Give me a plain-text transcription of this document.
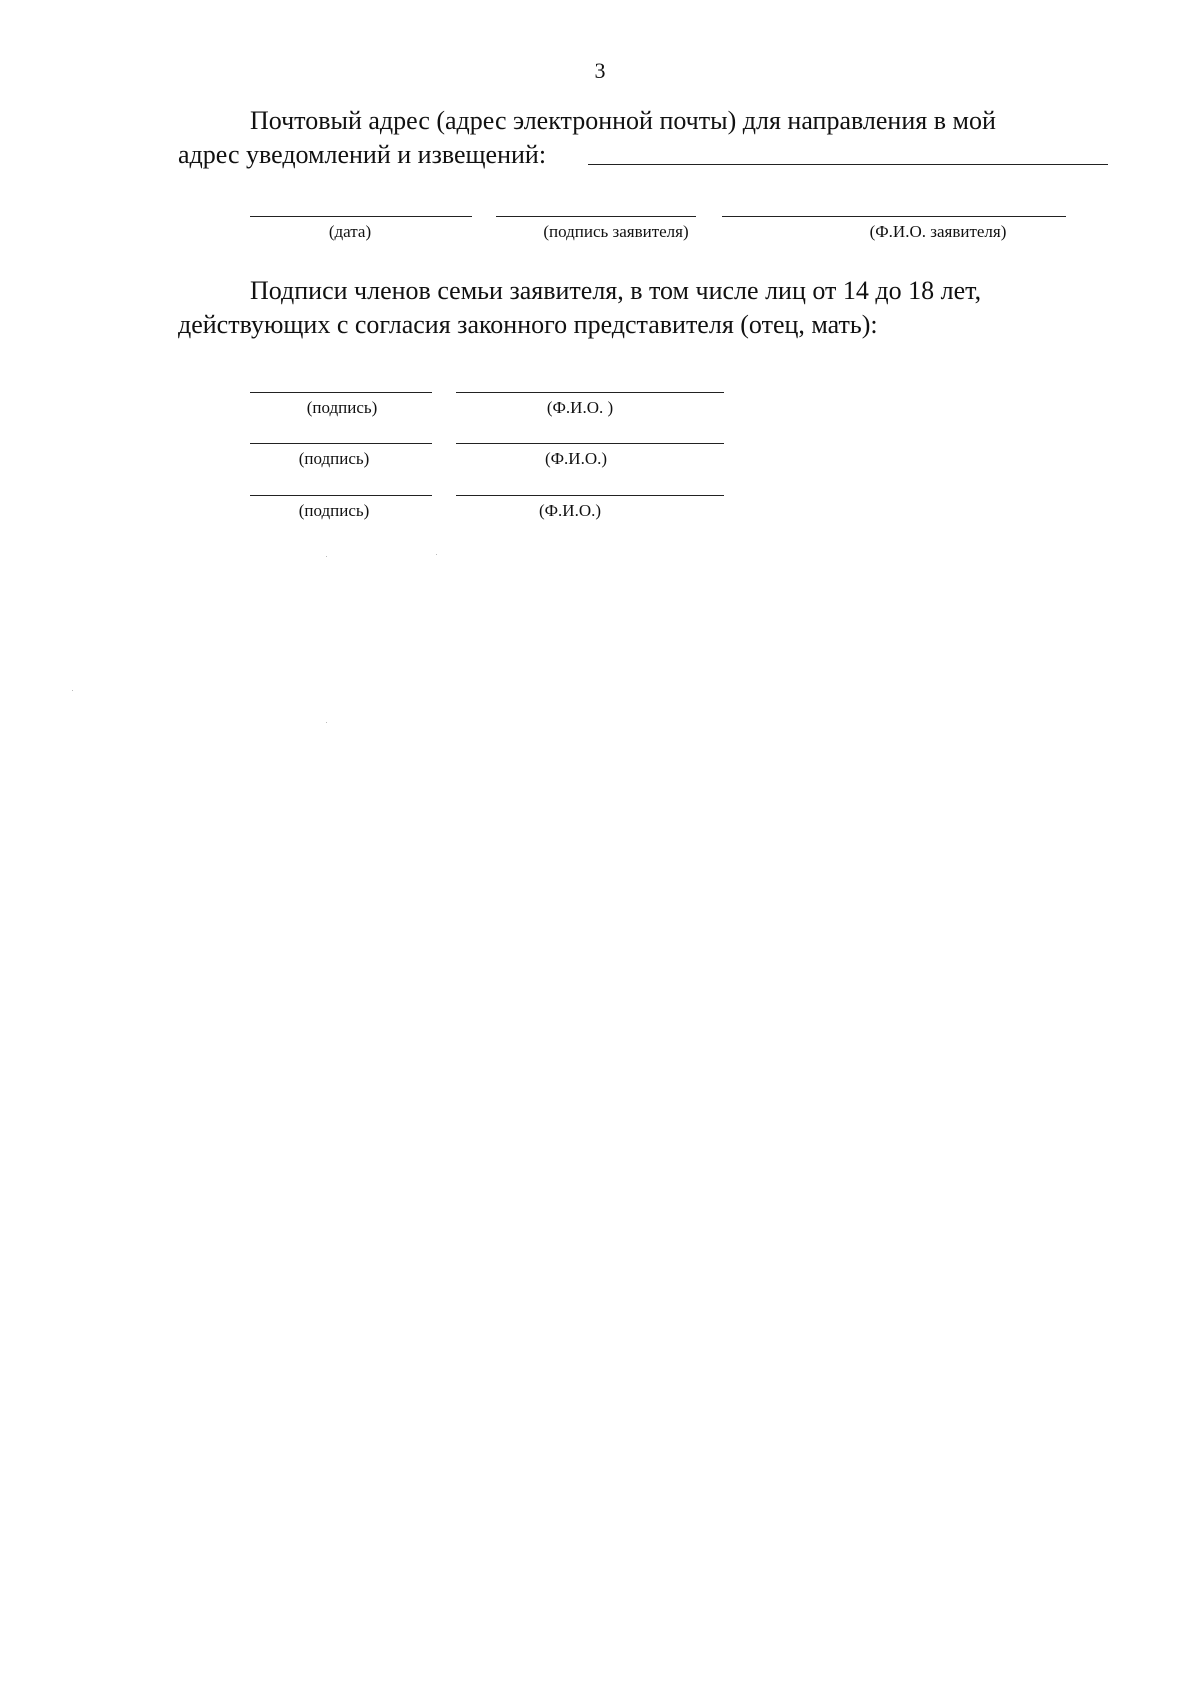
3
Почтовый адрес (адрес электронной почты) для направления в мой
адрес уведомлений и извещений:
(дата)	(подпись заявителя)	(Ф.И.О. заявителя)
Подписи членов семьи заявителя, в том числе лиц от 14 до 18 лет,
действующих с согласия законного представителя (отец, мать):
(подпись)	(Ф.И.О. )
(подпись)	(Ф.И.О.)
(подпись)	(Ф.И.О.)
